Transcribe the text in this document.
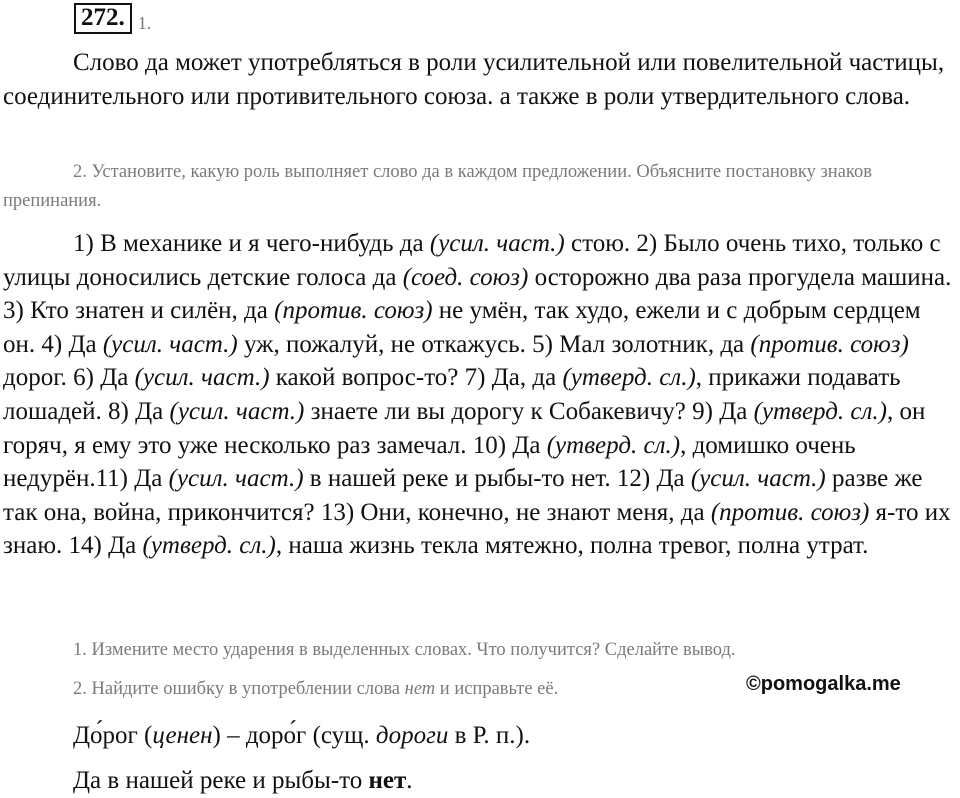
272. 1.

Слово да может употребляться в роли усилительной или повелительной частицы, соединительного или противительного союза. а также в роли утвердительного слова.

2. Установите, какую роль выполняет слово да в каждом предложении. Объясните постановку знаков препинания.

1) В механике и я чего-нибудь да (усил. част.) стою. 2) Было очень тихо, только с улицы доносились детские голоса да (соед. союз) осторожно два раза прогудела машина. 3) Кто знатен и силён, да (против. союз) не умён, так худо, ежели и с добрым сердцем он. 4) Да (усил. част.) уж, пожалуй, не откажусь. 5) Мал золотник, да (против. союз) дорог. 6) Да (усил. част.) какой вопрос-то? 7) Да, да (утверд. сл.), прикажи подавать лошадей. 8) Да (усил. част.) знаете ли вы дорогу к Собакевичу? 9) Да (утверд. сл.), он горяч, я ему это уже несколько раз замечал. 10) Да (утверд. сл.), домишко очень недурён.11) Да (усил. част.) в нашей реке и рыбы-то нет. 12) Да (усил. част.) разве же так она, война, прикончится? 13) Они, конечно, не знают меня, да (против. союз) я-то их знаю. 14) Да (утверд. сл.), наша жизнь текла мятежно, полна тревог, полна утрат.

1. Измените место ударения в выделенных словах. Что получится? Сделайте вывод.

2. Найдите ошибку в употреблении слова нет и исправьте её.	©pomogalka.me

До́рог (ценен) – доро́г (сущ. дороги в Р. п.).

Да в нашей реке и рыбы-то нет.
